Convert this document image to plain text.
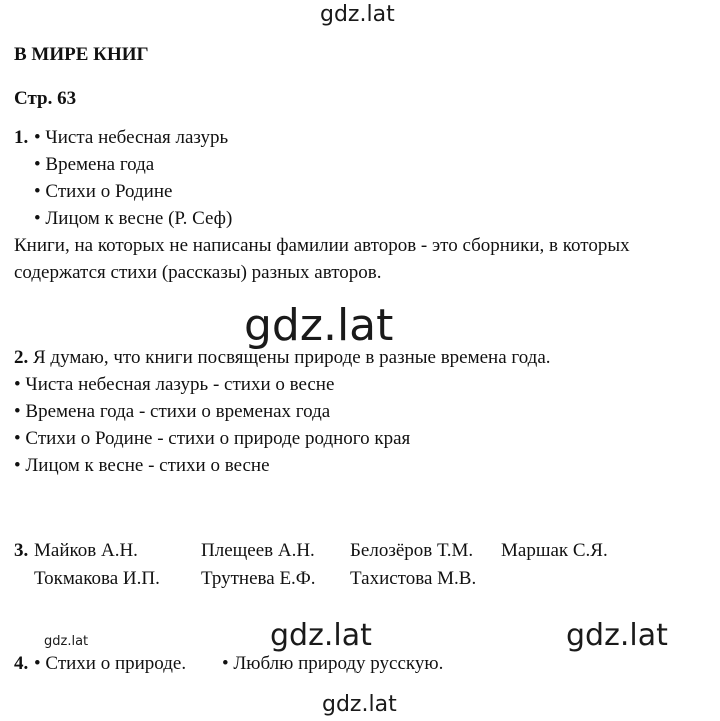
gdz.lat
gdz.lat
gdz.lat	gdz.lat	gdz.lat
gdz.lat
В МИРЕ КНИГ
Стр. 63
1. • Чиста небесная лазурь
• Времена года
• Стихи о Родине
• Лицом к весне (Р. Сеф)
Книги, на которых не написаны фамилии авторов - это сборники, в которых
содержатся стихи (рассказы) разных авторов.
2. Я думаю, что книги посвящены природе в разные времена года.
• Чиста небесная лазурь - стихи о весне
• Времена года - стихи о временах года
• Стихи о Родине - стихи о природе родного края
• Лицом к весне - стихи о весне
3. Майков А.Н.	Плещеев А.Н. Белозёров Т.М. Маршак С.Я.
Токмакова И.П. Трутнева Е.Ф. Тахистова М.В.
4. • Стихи о природе.	• Люблю природу русскую.
